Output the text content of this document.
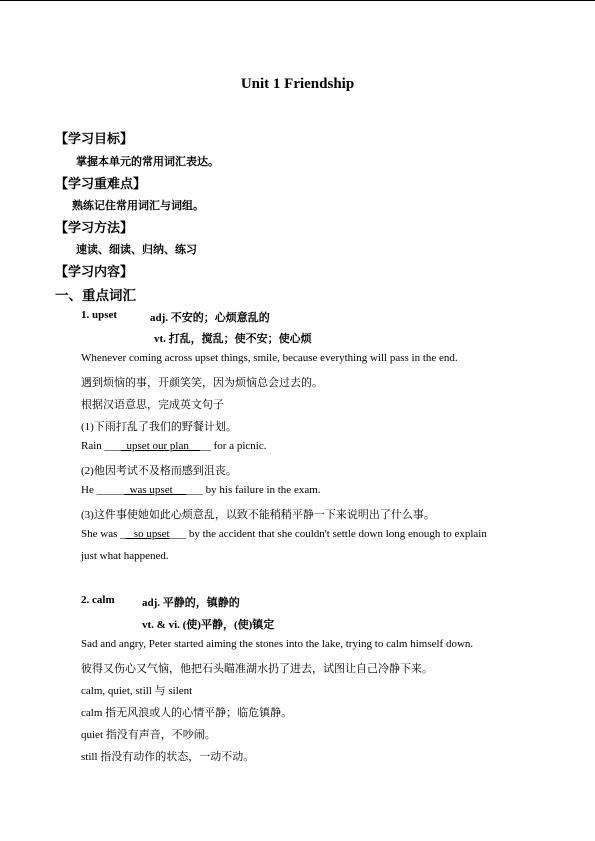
Unit 1 Friendship
【学习目标】
掌握本单元的常用词汇表达。
【学习重难点】
熟练记住常用词汇与词组。
【学习方法】
速读、细读、归纳、练习
【学习内容】
一、重点词汇
1. upset	adj. 不安的；心烦意乱的
vt. 打乱，搅乱；使不安；使心烦
Whenever coming across upset things, smile, because everything will pass in the end.
遇到烦恼的事，开颜笑笑，因为烦恼总会过去的。
根据汉语意思，完成英文句子
(1)下雨打乱了我们的野餐计划。
Rain ____upset our plan____ for a picnic.
(2)他因考试不及格而感到沮丧。
He ______was upset _____ by his failure in the exam.
(3)这件事使她如此心烦意乱，以致不能稍稍平静一下来说明出了什么事。
She was __ so upset___ by the accident that she couldn't settle down long enough to explain
just what happened.
2. calm adj. 平静的，镇静的
vt. & vi. (使)平静，(使)镇定
Sad and angry, Peter started aiming the stones into the lake, trying to calm himself down.
彼得又伤心又气恼，他把石头瞄准湖水扔了进去，试图让自己冷静下来。
calm, quiet, still 与 silent
calm 指无风浪或人的心情平静；临危镇静。
quiet 指没有声音，不吵闹。
still 指没有动作的状态，一动不动。
